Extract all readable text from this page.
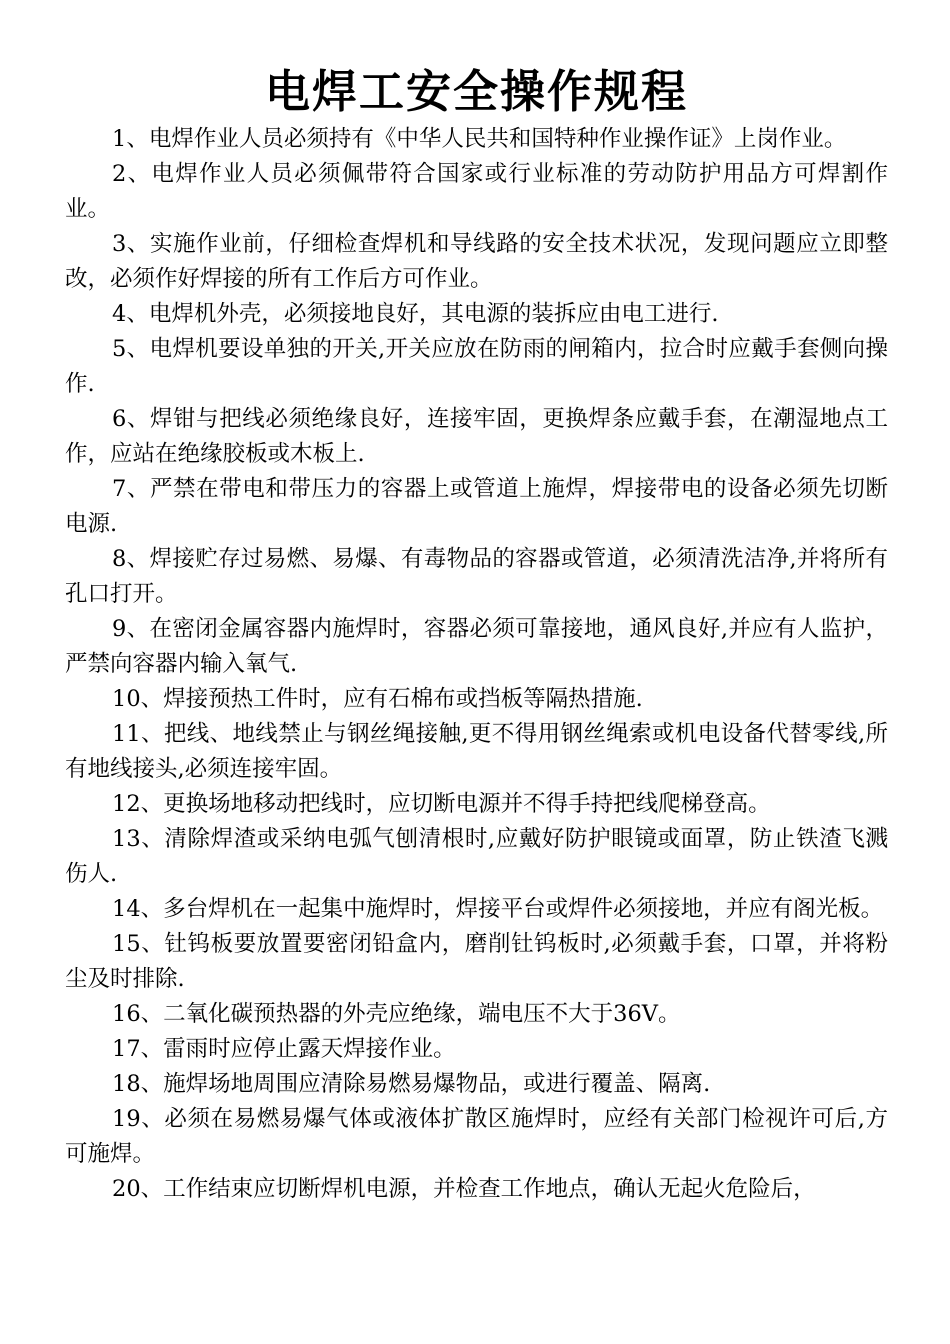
电焊工安全操作规程
1、电焊作业人员必须持有《中华人民共和国特种作业操作证》上岗作业。
2、电焊作业人员必须佩带符合国家或行业标准的劳动防护用品方可焊割作业。
3、实施作业前，仔细检查焊机和导线路的安全技术状况，发现问题应立即整改，必须作好焊接的所有工作后方可作业。
4、电焊机外壳，必须接地良好，其电源的装拆应由电工进行.
5、电焊机要设单独的开关,开关应放在防雨的闸箱内，拉合时应戴手套侧向操作.
6、焊钳与把线必须绝缘良好，连接牢固，更换焊条应戴手套，在潮湿地点工作，应站在绝缘胶板或木板上.
7、严禁在带电和带压力的容器上或管道上施焊，焊接带电的设备必须先切断电源.
8、焊接贮存过易燃、易爆、有毒物品的容器或管道，必须清洗洁净,并将所有孔口打开。
9、在密闭金属容器内施焊时，容器必须可靠接地，通风良好,并应有人监护，严禁向容器内输入氧气.
10、焊接预热工件时，应有石棉布或挡板等隔热措施.
11、把线、地线禁止与钢丝绳接触,更不得用钢丝绳索或机电设备代替零线,所有地线接头,必须连接牢固。
12、更换场地移动把线时，应切断电源并不得手持把线爬梯登高。
13、清除焊渣或采纳电弧气刨清根时,应戴好防护眼镜或面罩，防止铁渣飞溅伤人.
14、多台焊机在一起集中施焊时，焊接平台或焊件必须接地，并应有阁光板。
15、钍钨板要放置要密闭铅盒内，磨削钍钨板时,必须戴手套，口罩，并将粉尘及时排除.
16、二氧化碳预热器的外壳应绝缘，端电压不大于36V。
17、雷雨时应停止露天焊接作业。
18、施焊场地周围应清除易燃易爆物品，或进行覆盖、隔离.
19、必须在易燃易爆气体或液体扩散区施焊时，应经有关部门检视许可后,方可施焊。
20、工作结束应切断焊机电源，并检查工作地点，确认无起火危险后，
